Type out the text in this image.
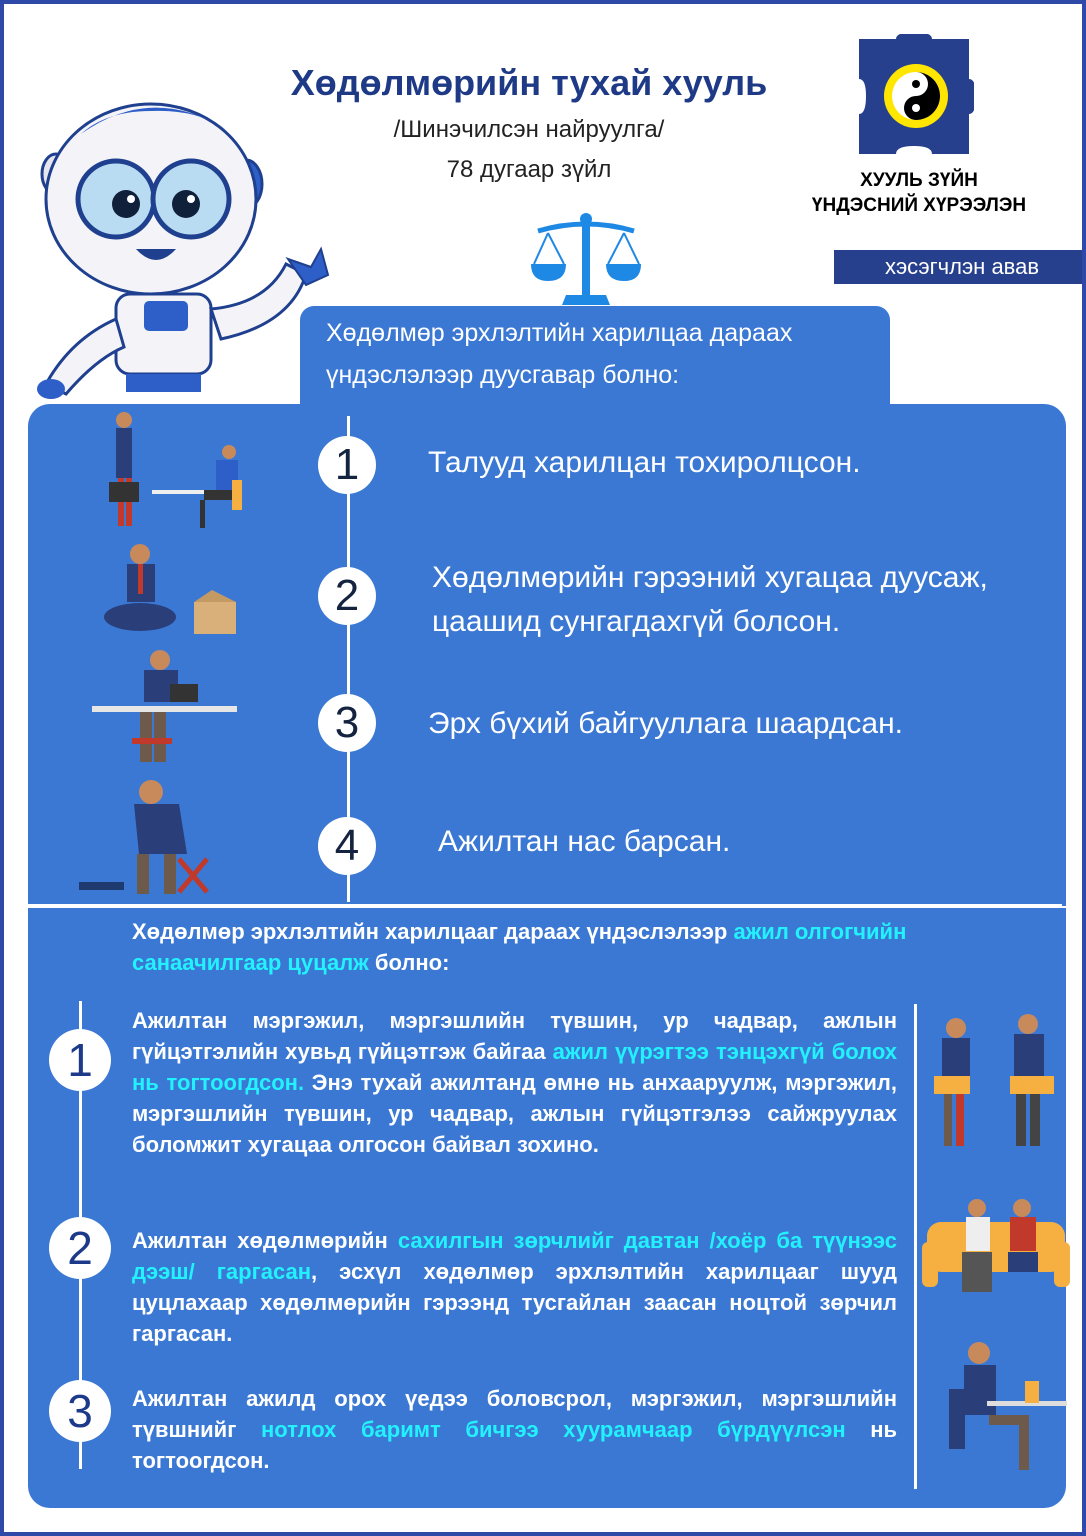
Хөдөлмөрийн тухай хууль
/Шинэчилсэн найруулга/
78 дугаар зүйл	ХУУЛЬ ЗҮЙН
ҮНДЭСНИЙ ХҮРЭЭЛЭН
хэсэгчлэн авав
Хөдөлмөр эрхлэлтийн харилцаа дараах
үндэслэлээр дуусгавар болно:
1	Талууд харилцан тохиролцсон.
2	Хөдөлмөрийн гэрээний хугацаа дуусаж,
цаашид сунгагдахгүй болсон.
3	Эрх бүхий байгууллага шаардсан.
4	Ажилтан нас барсан.
Хөдөлмөр эрхлэлтийн харилцааг дараах үндэслэлээр ажил олгогчийн санаачилгаар цуцалж болно:
1
Ажилтан мэргэжил, мэргэшлийн түвшин, ур чадвар, ажлын гүйцэтгэлийн хувьд гүйцэтгэж байгаа ажил үүрэгтээ тэнцэхгүй болох нь тогтоогдсон. Энэ тухай ажилтанд өмнө нь анхааруулж, мэргэжил, мэргэшлийн түвшин, ур чадвар, ажлын гүйцэтгэлээ сайжруулах боломжит хугацаа олгосон байвал зохино.
2	Ажилтан хөдөлмөрийн сахилгын зөрчлийг давтан /хоёр ба түүнээс дээш/ гаргасан, эсхүл хөдөлмөр эрхлэлтийн харилцааг шууд цуцлахаар хөдөлмөрийн гэрээнд тусгайлан заасан ноцтой зөрчил гаргасан.
3	Ажилтан ажилд орох үедээ боловсрол, мэргэжил, мэргэшлийн түвшнийг нотлох баримт бичгээ хуурамчаар бүрдүүлсэн нь тогтоогдсон.
